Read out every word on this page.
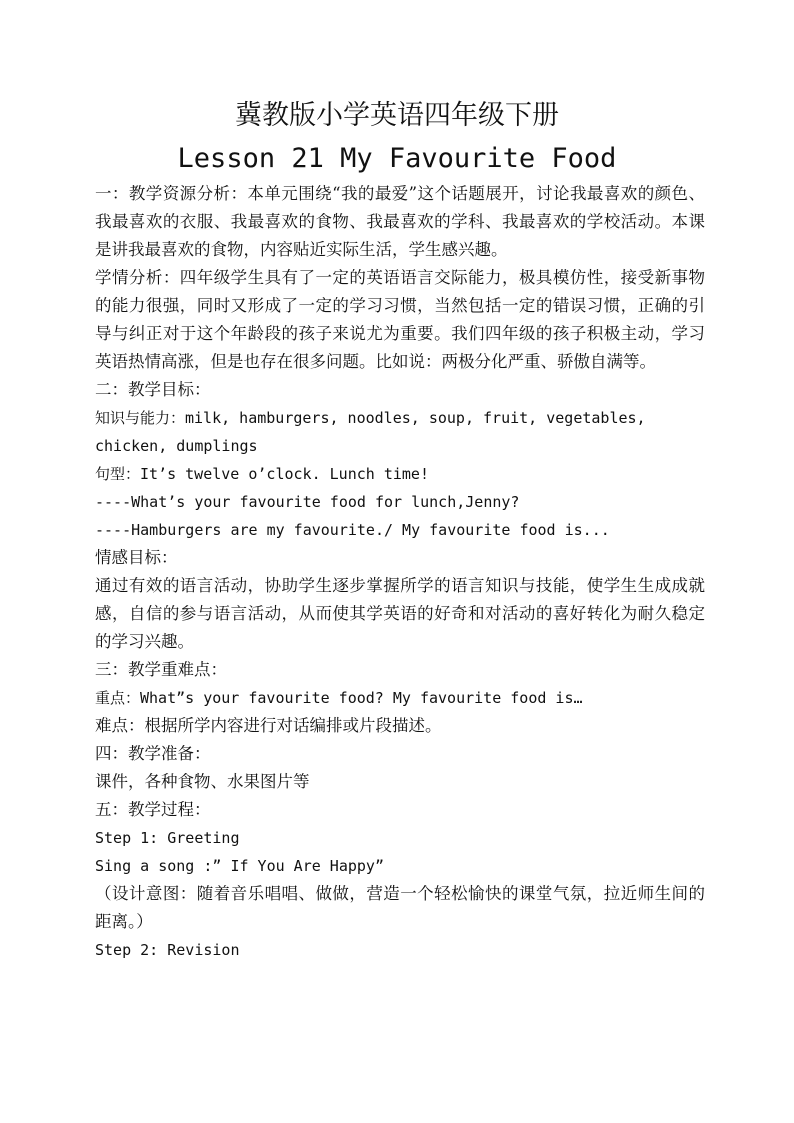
冀教版小学英语四年级下册
Lesson 21 My Favourite Food
一：教学资源分析：本单元围绕“我的最爱”这个话题展开，讨论我最喜欢的颜色、我最喜欢的衣服、我最喜欢的食物、我最喜欢的学科、我最喜欢的学校活动。本课是讲我最喜欢的食物，内容贴近实际生活，学生感兴趣。
学情分析：四年级学生具有了一定的英语语言交际能力，极具模仿性，接受新事物的能力很强，同时又形成了一定的学习习惯，当然包括一定的错误习惯，正确的引导与纠正对于这个年龄段的孩子来说尤为重要。我们四年级的孩子积极主动，学习英语热情高涨，但是也存在很多问题。比如说：两极分化严重、骄傲自满等。
二：教学目标：
知识与能力：milk, hamburgers, noodles, soup, fruit, vegetables,
chicken, dumplings
句型：It’s twelve o’clock. Lunch time!
----What’s your favourite food for lunch,Jenny?
----Hamburgers are my favourite./ My favourite food is...
情感目标：
通过有效的语言活动，协助学生逐步掌握所学的语言知识与技能，使学生生成成就感，自信的参与语言活动，从而使其学英语的好奇和对活动的喜好转化为耐久稳定的学习兴趣。
三：教学重难点：
重点：What”s your favourite food? My favourite food is…
难点：根据所学内容进行对话编排或片段描述。
四：教学准备：
课件，各种食物、水果图片等
五：教学过程：
Step 1: Greeting
Sing a song :” If You Are Happy”
（设计意图：随着音乐唱唱、做做，营造一个轻松愉快的课堂气氛，拉近师生间的距离。）
Step 2: Revision
